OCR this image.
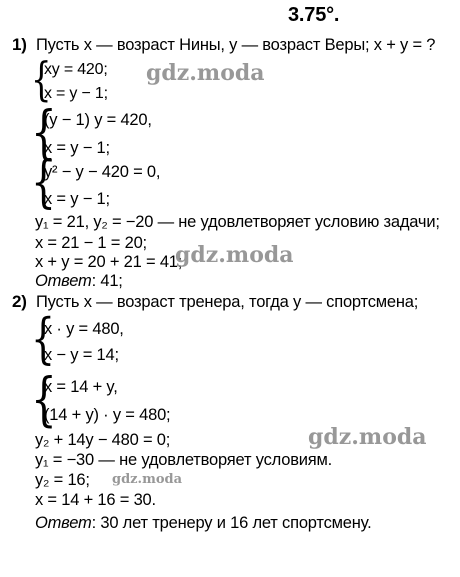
3.75°.
1) Пусть x — возраст Нины, y — возраст Веры; x + y = ?
{
xy = 420;
x = y − 1;
{
(y − 1) y = 420,
x = y − 1;
{
y² − y − 420 = 0,
x = y − 1;
y₁ = 21, y₂ = −20 — не удовлетворяет условию задачи;
x = 21 − 1 = 20;
x + y = 20 + 21 = 41;
Ответ: 41;
2) Пусть x — возраст тренера, тогда у — спортсмена;
{
x · y = 480,
x − y = 14;
{
x = 14 + y,
(14 + y) · y = 480;
y₂ + 14y − 480 = 0;
y₁ = −30 — не удовлетворяет условиям.
y₂ = 16;
x = 14 + 16 = 30.
Ответ: 30 лет тренеру и 16 лет спортсмену.
gdz.moda
gdz.moda
gdz.moda
gdz.moda
